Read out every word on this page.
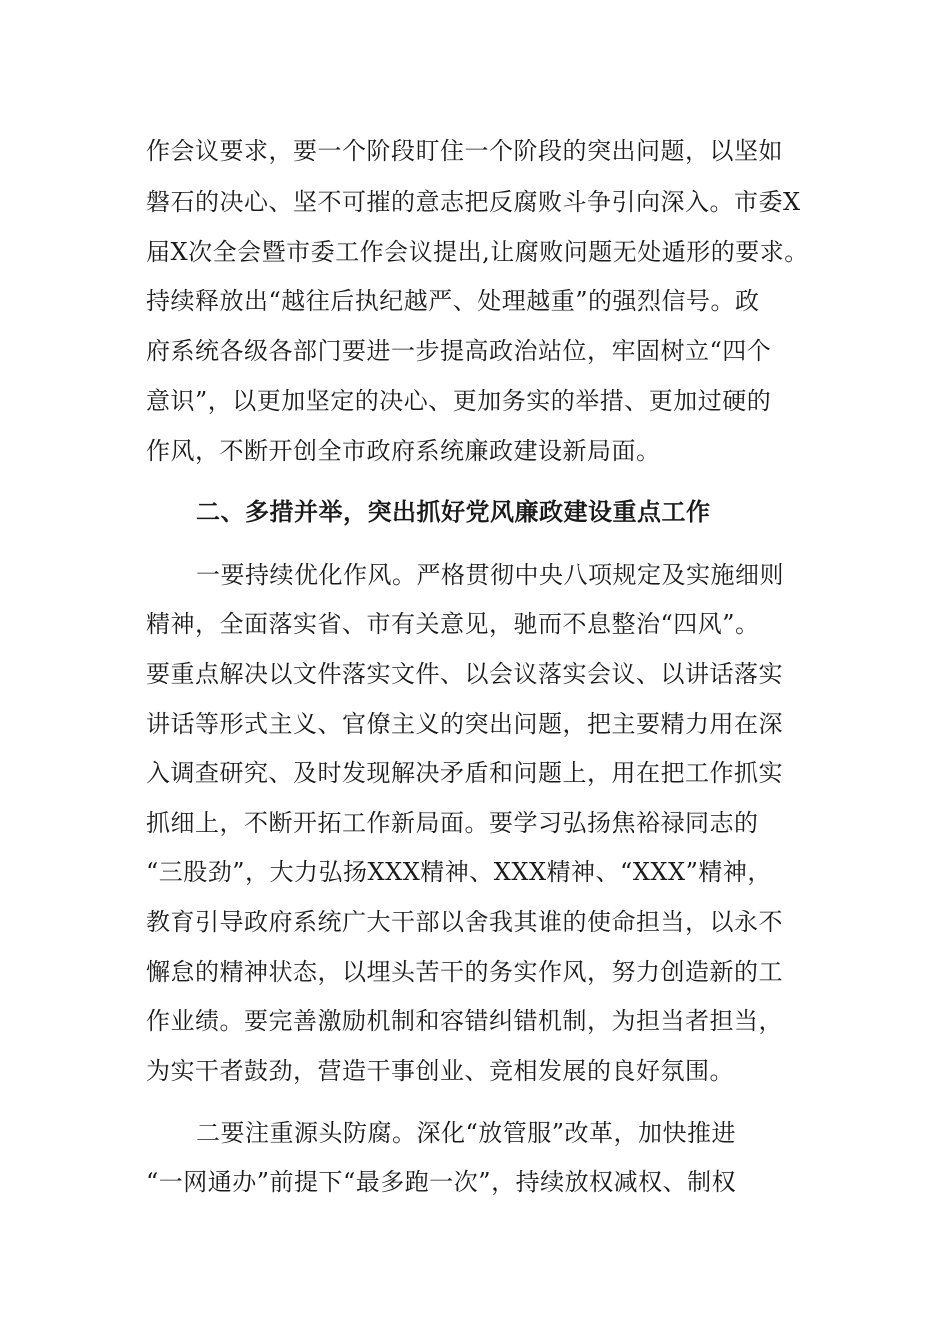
作会议要求，要一个阶段盯住一个阶段的突出问题，以坚如
磐石的决心、坚不可摧的意志把反腐败斗争引向深入。市委X
届X次全会暨市委工作会议提出,让腐败问题无处遁形的要求。
持续释放出“越往后执纪越严、处理越重”的强烈信号。政
府系统各级各部门要进一步提高政治站位，牢固树立“四个
意识”，以更加坚定的决心、更加务实的举措、更加过硬的
作风，不断开创全市政府系统廉政建设新局面。
二、多措并举，突出抓好党风廉政建设重点工作
一要持续优化作风。严格贯彻中央八项规定及实施细则
精神，全面落实省、市有关意见，驰而不息整治“四风”。
要重点解决以文件落实文件、以会议落实会议、以讲话落实
讲话等形式主义、官僚主义的突出问题，把主要精力用在深
入调查研究、及时发现解决矛盾和问题上，用在把工作抓实
抓细上，不断开拓工作新局面。要学习弘扬焦裕禄同志的
“三股劲”，大力弘扬XXX精神、XXX精神、“XXX”精神，
教育引导政府系统广大干部以舍我其谁的使命担当，以永不
懈怠的精神状态，以埋头苦干的务实作风，努力创造新的工
作业绩。要完善激励机制和容错纠错机制，为担当者担当，
为实干者鼓劲，营造干事创业、竞相发展的良好氛围。
二要注重源头防腐。深化“放管服”改革，加快推进
“一网通办”前提下“最多跑一次”，持续放权减权、制权
